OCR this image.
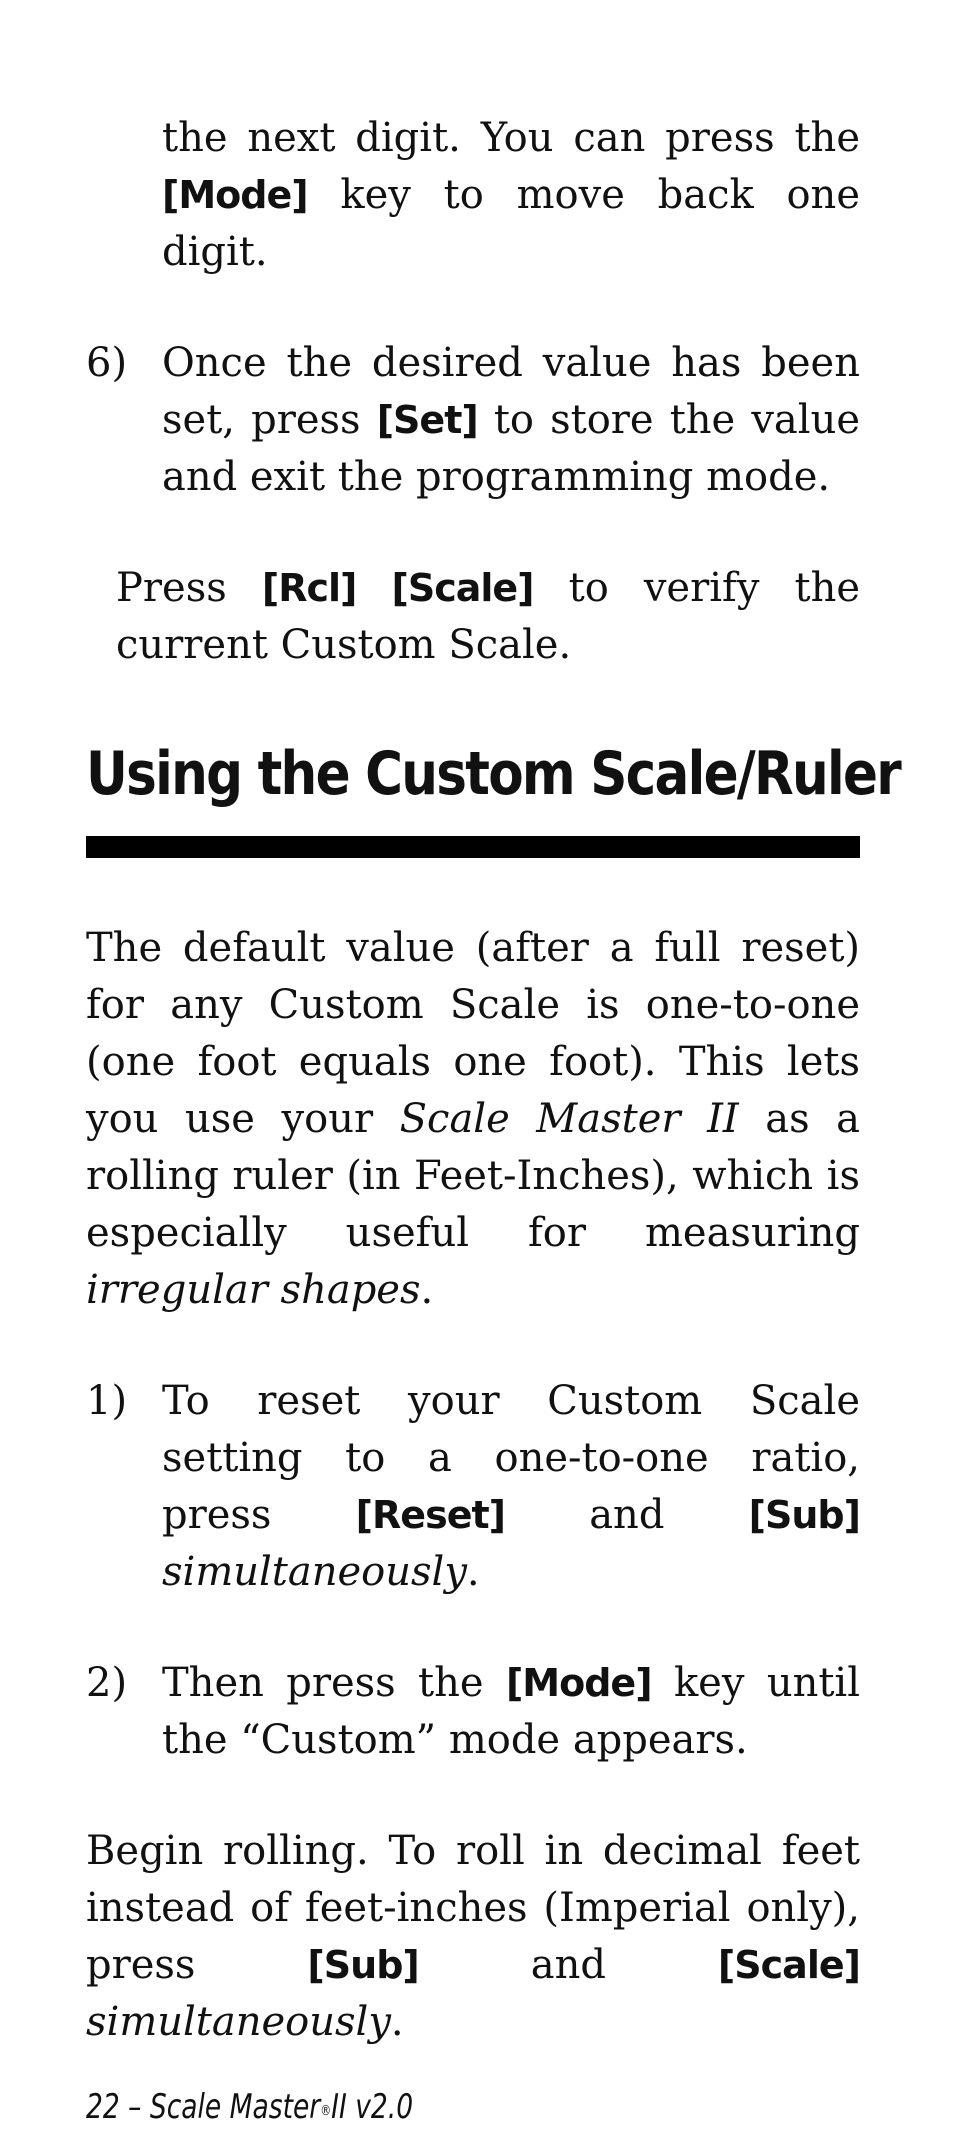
the next digit. You can press the [Mode] key to move back one digit.

6) Once the desired value has been set, press [Set] to store the value and exit the programming mode.

Press [Rcl] [Scale] to verify the current Custom Scale.

Using the Custom Scale/Ruler

The default value (after a full reset) for any Custom Scale is one-to-one (one foot equals one foot). This lets you use your Scale Master II as a rolling ruler (in Feet-Inches), which is especially useful for measuring irregular shapes.

1) To reset your Custom Scale setting to a one-to-one ratio, press [Reset] and [Sub] simultaneously.

2) Then press the [Mode] key until the “Custom” mode appears.

Begin rolling. To roll in decimal feet instead of feet-inches (Imperial only), press [Sub] and [Scale] simultaneously.

22 – Scale Master®II v2.0
